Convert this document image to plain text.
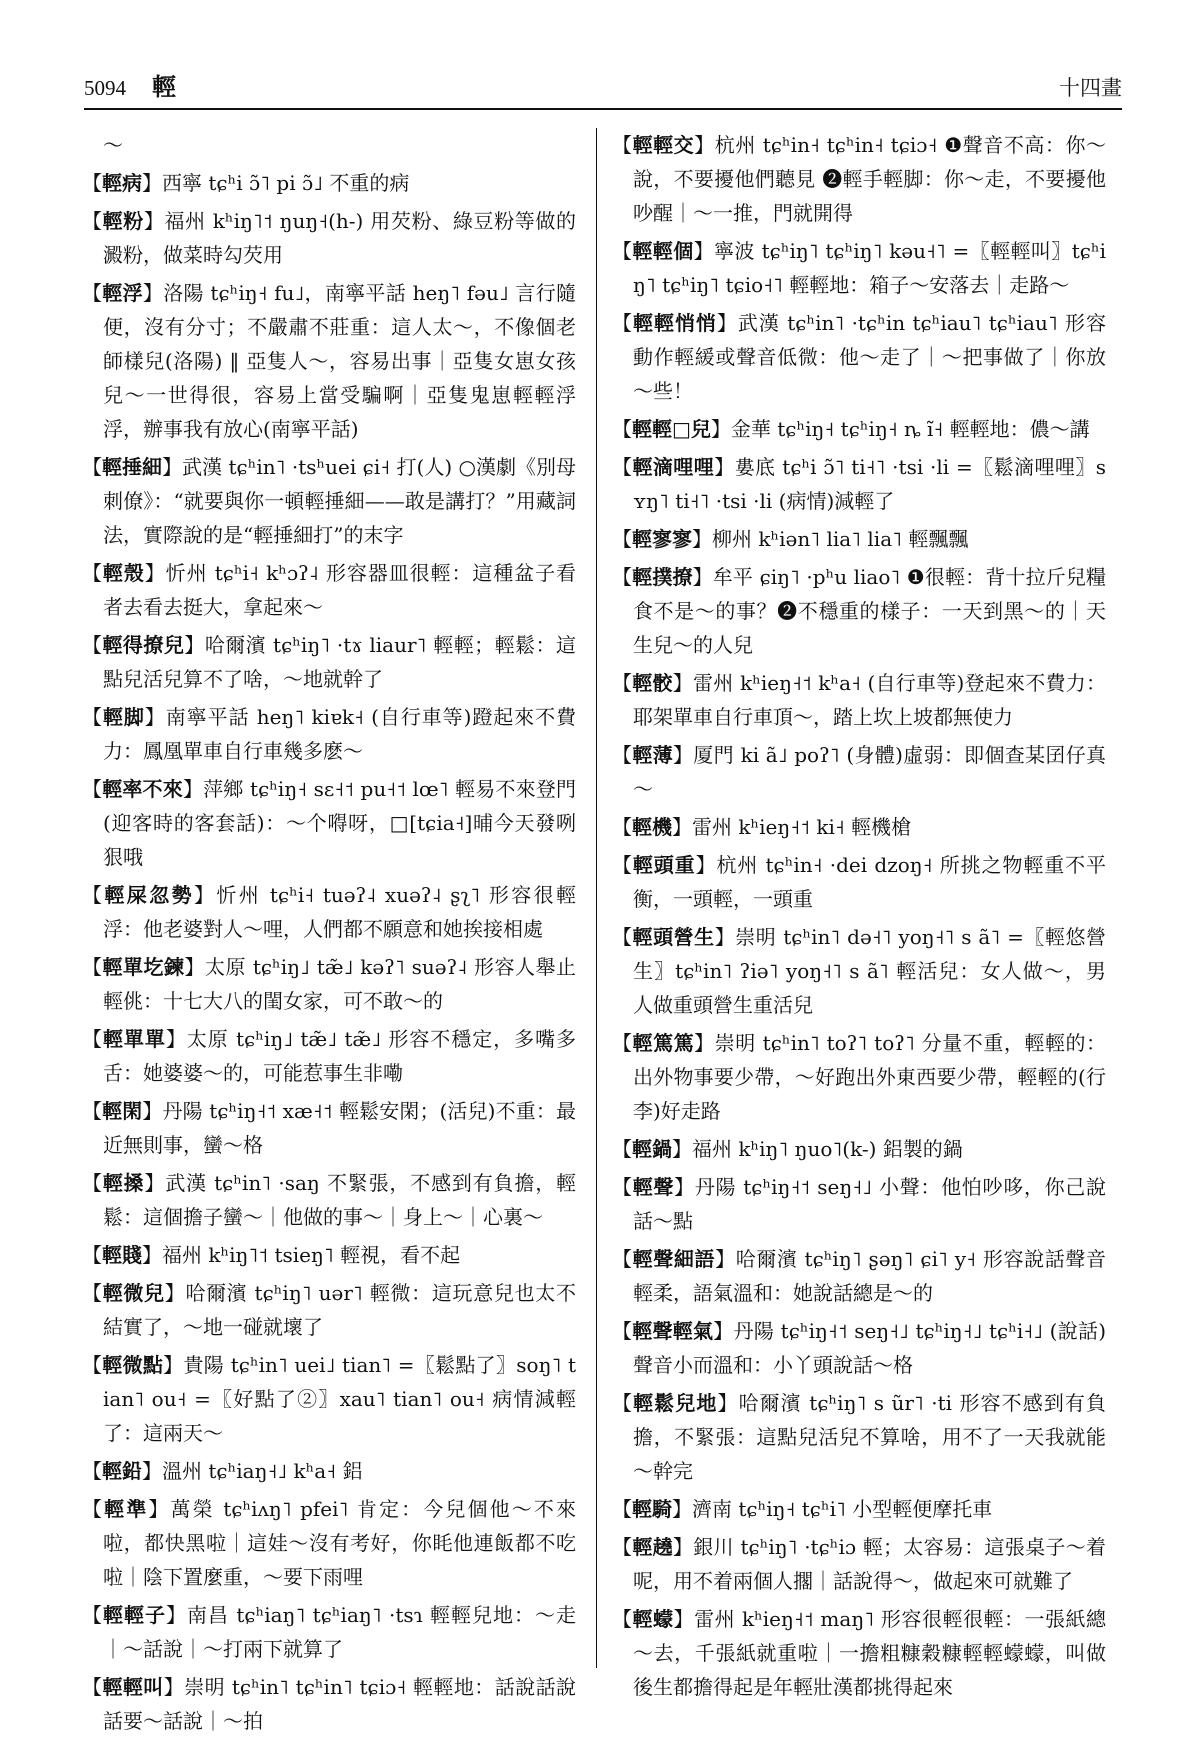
5094 輕	十四畫

～

【輕病】西寧 tɕʰi ɔ̃˥ pi ɔ̃˩ 不重的病

【輕粉】福州 kʰiŋ˥˦ ŋuŋ˧(h-) 用芡粉、綠豆粉等做的澱粉，做菜時勾芡用

【輕浮】洛陽 tɕʰiŋ˧ fu˩，南寧平話 heŋ˥ fəu˩ 言行隨便，沒有分寸；不嚴肅不莊重：這人太～，不像個老師樣兒(洛陽) ‖ 亞隻人～，容易出事｜亞隻女崽女孩兒～一世得很，容易上當受騙啊｜亞隻鬼崽輕輕浮浮，辦事我有放心(南寧平話)

【輕捶細】武漢 tɕʰin˥ ·tsʰuei ɕi˧ 打(人) ○漢劇《別母刺僚》：“就要與你一頓輕捶細——敢是講打？”用藏詞法，實際說的是“輕捶細打”的末字

【輕殼】忻州 tɕʰi˧ kʰɔʔ˨ 形容器皿很輕：這種盆子看者去看去挺大，拿起來～

【輕得撩兒】哈爾濱 tɕʰiŋ˥ ·tɤ liaur˥ 輕輕；輕鬆：這點兒活兒算不了啥，～地就幹了

【輕脚】南寧平話 heŋ˥ kiɐk˧ (自行車等)蹬起來不費力：鳳凰單車自行車幾多麽～

【輕率不來】萍鄉 tɕʰiŋ˧ sɛ˧˦ pu˧˦ lœ˥ 輕易不來登門(迎客時的客套話)：～个嘚呀，□[tɕia˧]晡今天發咧狠哦

【輕屎忽勢】忻州 tɕʰi˧ tuəʔ˨ xuəʔ˨ ʂʅ˥ 形容很輕浮：他老婆對人～哩，人們都不願意和她挨接相處

【輕單圪鍊】太原 tɕʰiŋ˩ tæ̃˩ kəʔ˥ suəʔ˨ 形容人舉止輕佻：十七大八的閨女家，可不敢～的

【輕單單】太原 tɕʰiŋ˩ tæ̃˩ tæ̃˩ 形容不穩定，多嘴多舌：她婆婆～的，可能惹事生非嘞

【輕閑】丹陽 tɕʰiŋ˧˦ xæ˧˦ 輕鬆安閑；(活兒)不重：最近無則事，蠻～格

【輕搡】武漢 tɕʰin˥ ·saŋ 不緊張，不感到有負擔，輕鬆：這個擔子蠻～｜他做的事～｜身上～｜心裏～

【輕賤】福州 kʰiŋ˥˦ tsieŋ˥ 輕視，看不起

【輕微兒】哈爾濱 tɕʰiŋ˥ uər˥ 輕微：這玩意兒也太不結實了，～地一碰就壞了

【輕微點】貴陽 tɕʰin˥ uei˩ tian˥ =〖鬆點了〗soŋ˥ tian˥ ou˧ =〖好點了②〗xau˥ tian˥ ou˧ 病情減輕了：這兩天～

【輕鉛】溫州 tɕʰiaŋ˧˩ kʰa˧ 鋁

【輕準】萬榮 tɕʰiʌŋ˥ pfei˥ 肯定：今兒個他～不來啦，都快黑啦｜這娃～沒有考好，你眊他連飯都不吃啦｜陰下置麼重，～要下雨哩

【輕輕子】南昌 tɕʰiaŋ˥ tɕʰiaŋ˥ ·tsɿ 輕輕兒地：～走｜～話說｜～打兩下就算了

【輕輕叫】崇明 tɕʰin˥ tɕʰin˥ tɕiɔ˧ 輕輕地：話說話說話要～話說｜～拍

【輕輕交】杭州 tɕʰin˧ tɕʰin˧ tɕiɔ˧ ❶聲音不高：你～說，不要擾他們聽見 ❷輕手輕脚：你～走，不要擾他吵醒｜～一推，門就開得

【輕輕個】寧波 tɕʰiŋ˥ tɕʰiŋ˥ kəu˧˥ =〖輕輕叫〗tɕʰiŋ˥ tɕʰiŋ˥ tɕio˧˥ 輕輕地：箱子～安落去｜走路～

【輕輕悄悄】武漢 tɕʰin˥ ·tɕʰin tɕʰiau˥ tɕʰiau˥ 形容動作輕緩或聲音低微：他～走了｜～把事做了｜你放～些！

【輕輕□兒】金華 tɕʰiŋ˧ tɕʰiŋ˧ ȵ ĩ˧ 輕輕地：儂～講

【輕滴哩哩】婁底 tɕʰi ɔ̃˥ ti˧˥ ·tsi ·li =〖鬆滴哩哩〗sʏŋ˥ ti˧˥ ·tsi ·li (病情)減輕了

【輕寥寥】柳州 kʰiən˥ lia˥ lia˥ 輕飄飄

【輕撲撩】牟平 ɕiŋ˥ ·pʰu liao˥ ❶很輕：背十拉斤兒糧食不是～的事？❷不穩重的樣子：一天到黑～的｜天生兒～的人兒

【輕骹】雷州 kʰieŋ˧˦ kʰa˧ (自行車等)登起來不費力：耶架單車自行車頂～，踏上坎上坡都無使力

【輕薄】厦門 ki ã˩ poʔ˥ (身體)虛弱：即個查某囝仔真～

【輕機】雷州 kʰieŋ˧˦ ki˧ 輕機槍

【輕頭重】杭州 tɕʰin˧ ·dei dzoŋ˧ 所挑之物輕重不平衡，一頭輕，一頭重

【輕頭營生】崇明 tɕʰin˥ də˧˥ yoŋ˧˥ s ã˥ =〖輕悠營生〗tɕʰin˥ ʔiə˥ yoŋ˧˥ s ã˥ 輕活兒：女人做～，男人做重頭營生重活兒

【輕篤篤】崇明 tɕʰin˥ toʔ˥ toʔ˥ 分量不重，輕輕的：出外物事要少帶，～好跑出外東西要少帶，輕輕的(行李)好走路

【輕鍋】福州 kʰiŋ˥ ŋuo˥(k-) 鋁製的鍋

【輕聲】丹陽 tɕʰiŋ˧˦ seŋ˧˩ 小聲：他怕吵哆，你己說話～點

【輕聲細語】哈爾濱 tɕʰiŋ˥ ʂəŋ˥ ɕi˥ y˧ 形容說話聲音輕柔，語氣溫和：她說話總是～的

【輕聲輕氣】丹陽 tɕʰiŋ˧˦ seŋ˧˩ tɕʰiŋ˧˩ tɕʰi˧˩ (說話)聲音小而溫和：小丫頭說話～格

【輕鬆兒地】哈爾濱 tɕʰiŋ˥ s ũr˥ ·ti 形容不感到有負擔，不緊張：這點兒活兒不算啥，用不了一天我就能～幹完

【輕騎】濟南 tɕʰiŋ˧ tɕʰi˥ 小型輕便摩托車

【輕趬】銀川 tɕʰiŋ˥ ·tɕʰiɔ 輕；太容易：這張桌子～着呢，用不着兩個人擱｜話說得～，做起來可就難了

【輕蠓】雷州 kʰieŋ˧˦ maŋ˥ 形容很輕很輕：一張紙總～去，千張紙就重啦｜一擔粗糠穀糠輕輕蠓蠓，叫做後生都擔得起是年輕壯漢都挑得起來
